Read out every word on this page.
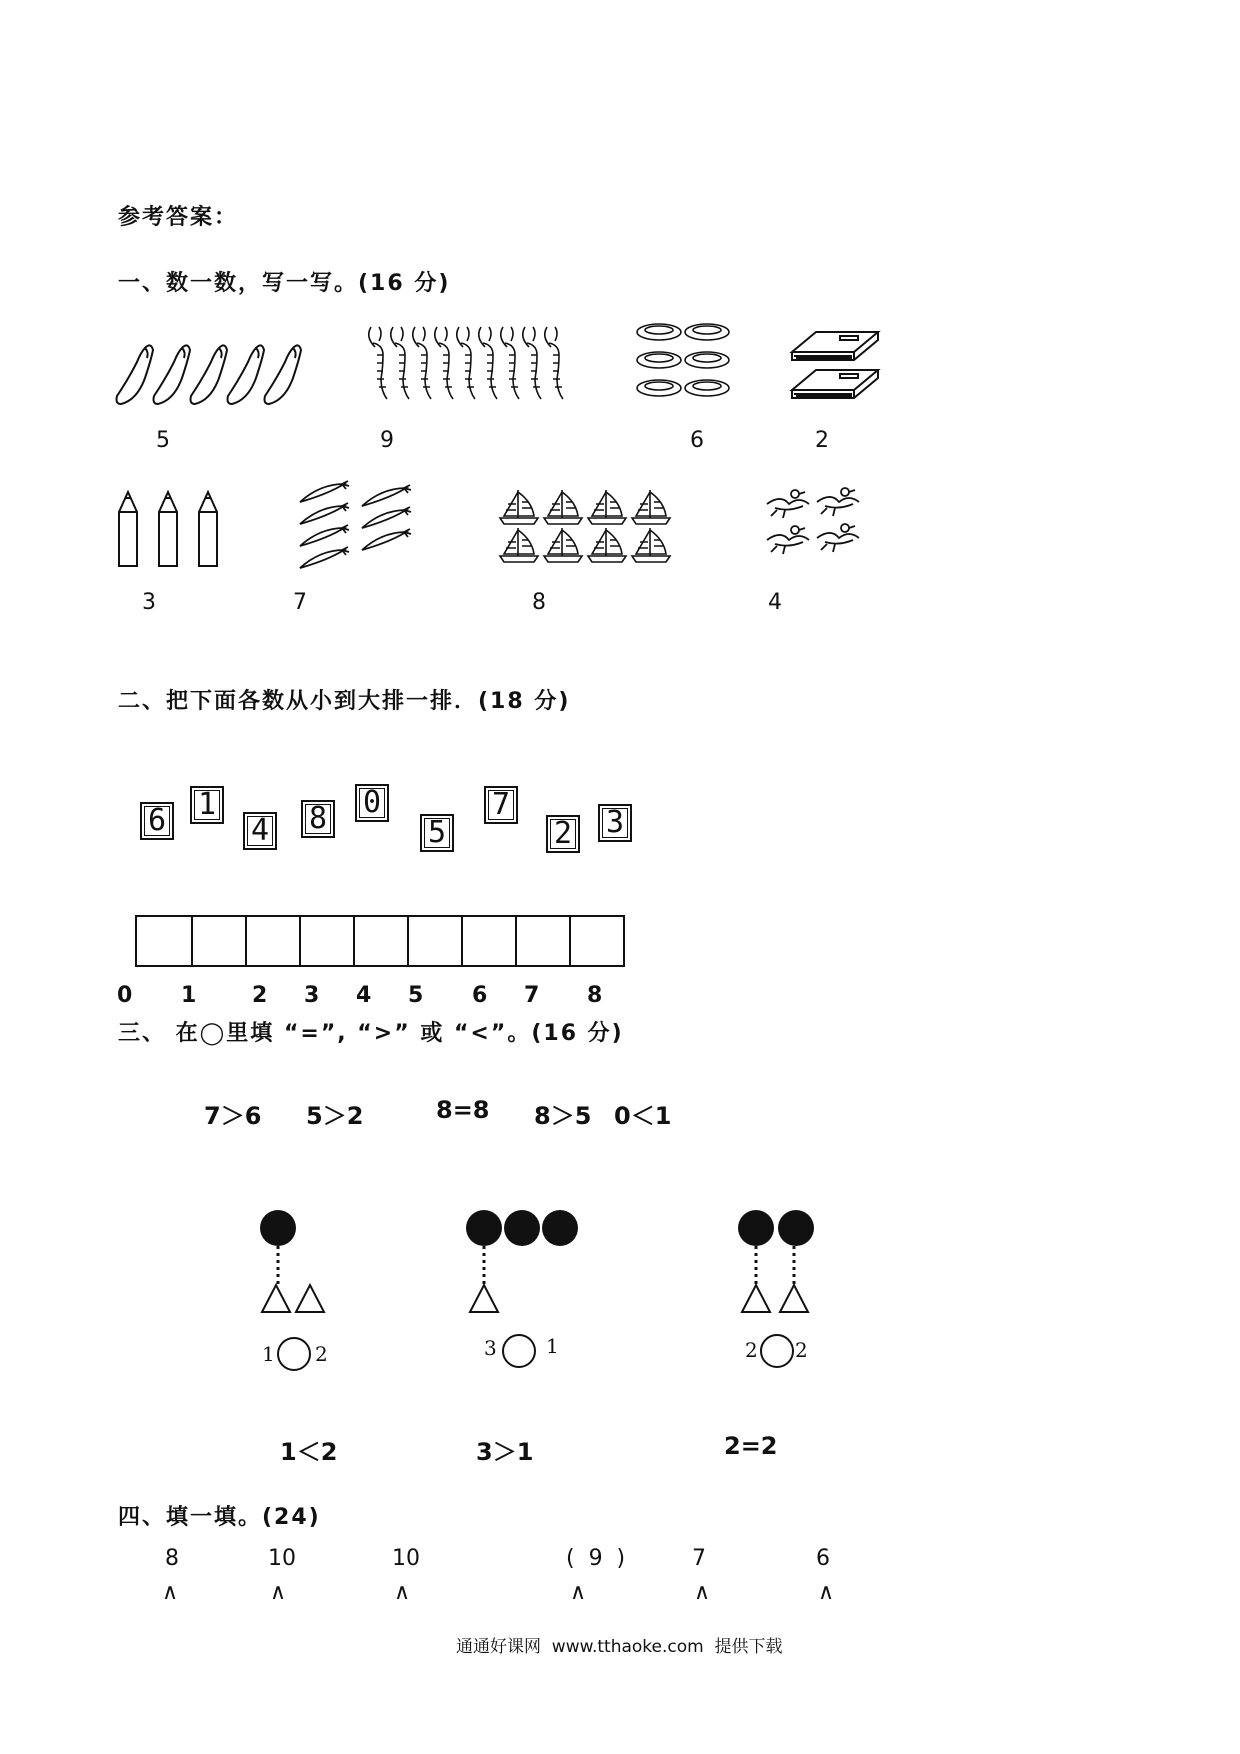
参考答案：
一、数一数，写一写。(16 分)
5	9	6	2
3	7	8	4
二、把下面各数从小到大排一排．(18 分)
6 1
4 8 0
5
7
2 3
0 1	2 3 4 5 6 7 8
三、 在◯里填 “=”, “>” 或 “<”。(16 分)
7＞6 5＞2	8=8 8＞5 0＜1
1 2
1＜2
3 1
3＞1
2 2
2=2
四、填一填。(24)
8	10	10	(  9  )	7	6
∧	∧	∧	∧	∧	∧
通通好课网  www.tthaoke.com  提供下载
